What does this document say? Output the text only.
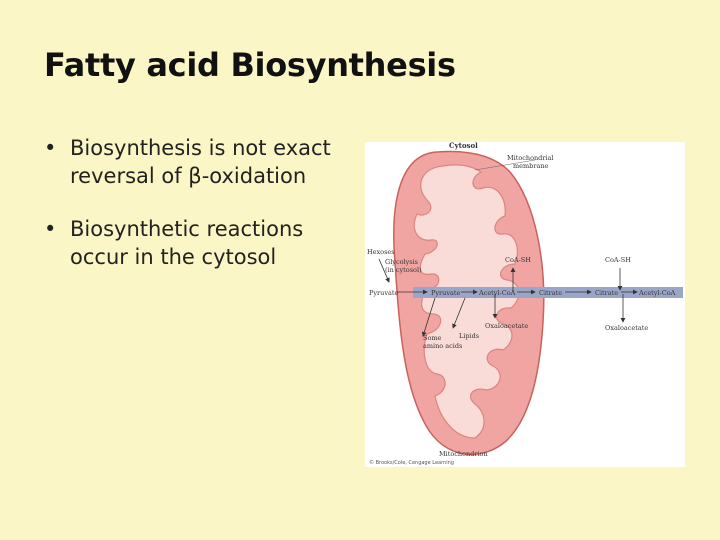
Fatty acid Biosynthesis
• Biosynthesis is not exact reversal of β-oxidation
• Biosynthetic reactions occur in the cytosol
Cytosol
Mitochondrial
membrane
Hexoses
Glycolysis
(in cytosol)
Pyruvate	Pyruvate	Acetyl-CoA	Citrate	Citrate	Acetyl-CoA
CoA-SH	CoA-SH
Oxaloacetate	Oxaloacetate
Lipids
Some
amino acids
Mitochondrion
© Brooks/Cole, Cengage Learning
